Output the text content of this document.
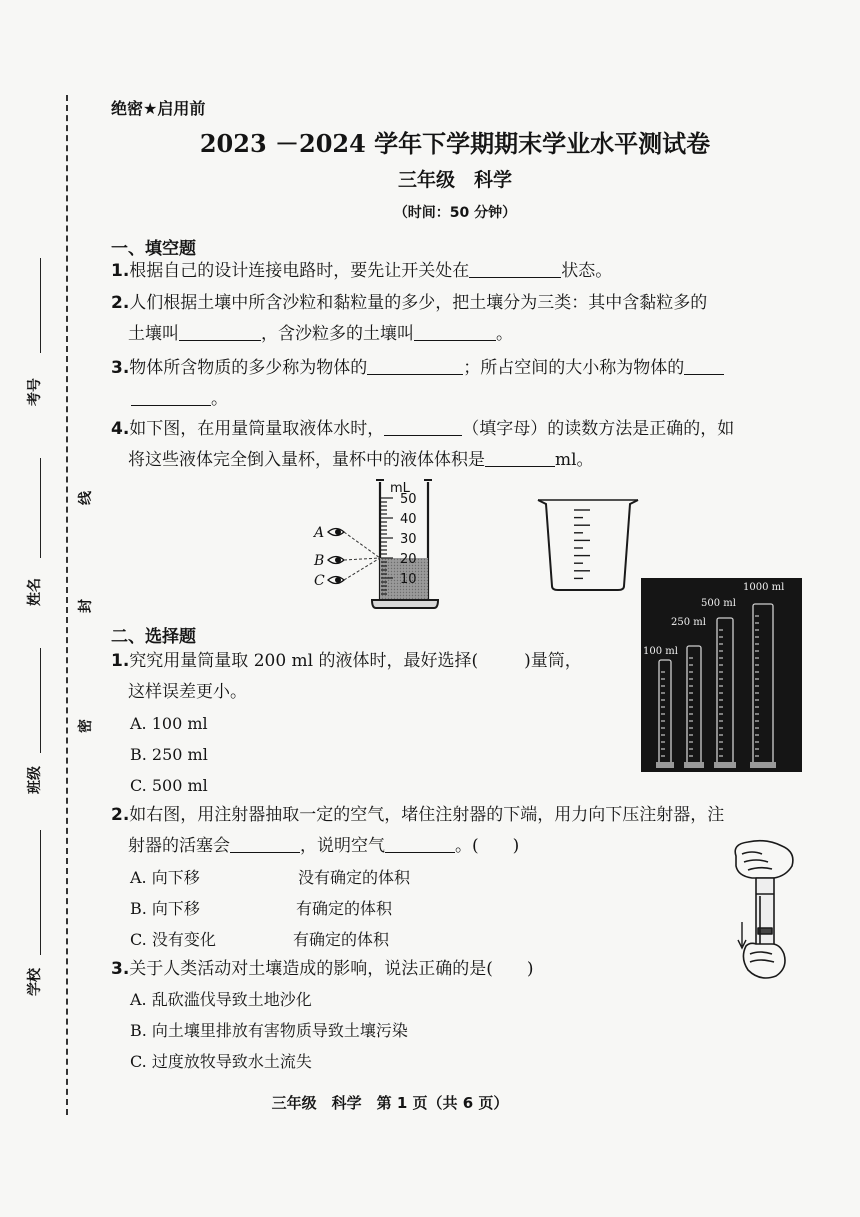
考号
姓名
班级
学校
线
封
密
绝密★启用前
2023 －2024 学年下学期期末学业水平测试卷
三年级　科学
（时间：50 分钟）
一、填空题
1.根据自己的设计连接电路时，要先让开关处在	状态。
2.人们根据土壤中所含沙粒和黏粒量的多少，把土壤分为三类：其中含黏粒多的
土壤叫	，含沙粒多的土壤叫	。
3.物体所含物质的多少称为物体的	；所占空间的大小称为物体的
。
4.如下图，在用量筒量取液体水时，	（填字母）的读数方法是正确的，如
将这些液体完全倒入量杯，量杯中的液体体积是	ml。
50
40
30
20
10
mL
A
B
C
100 ml
250 ml
500 ml
1000 ml
二、选择题
1.究究用量筒量取 200 ml 的液体时，最好选择(	)量筒，
这样误差更小。
A. 100 ml
B. 250 ml
C. 500 ml
2.如右图，用注射器抽取一定的空气，堵住注射器的下端，用力向下压注射器，注
射器的活塞会	，说明空气	。(　　)
A. 向下移	没有确定的体积
B. 向下移	有确定的体积
C. 没有变化	有确定的体积
3.关于人类活动对土壤造成的影响，说法正确的是(　　)
A. 乱砍滥伐导致土地沙化
B. 向土壤里排放有害物质导致土壤污染
C. 过度放牧导致水土流失
三年级　科学　第 1 页（共 6 页）
